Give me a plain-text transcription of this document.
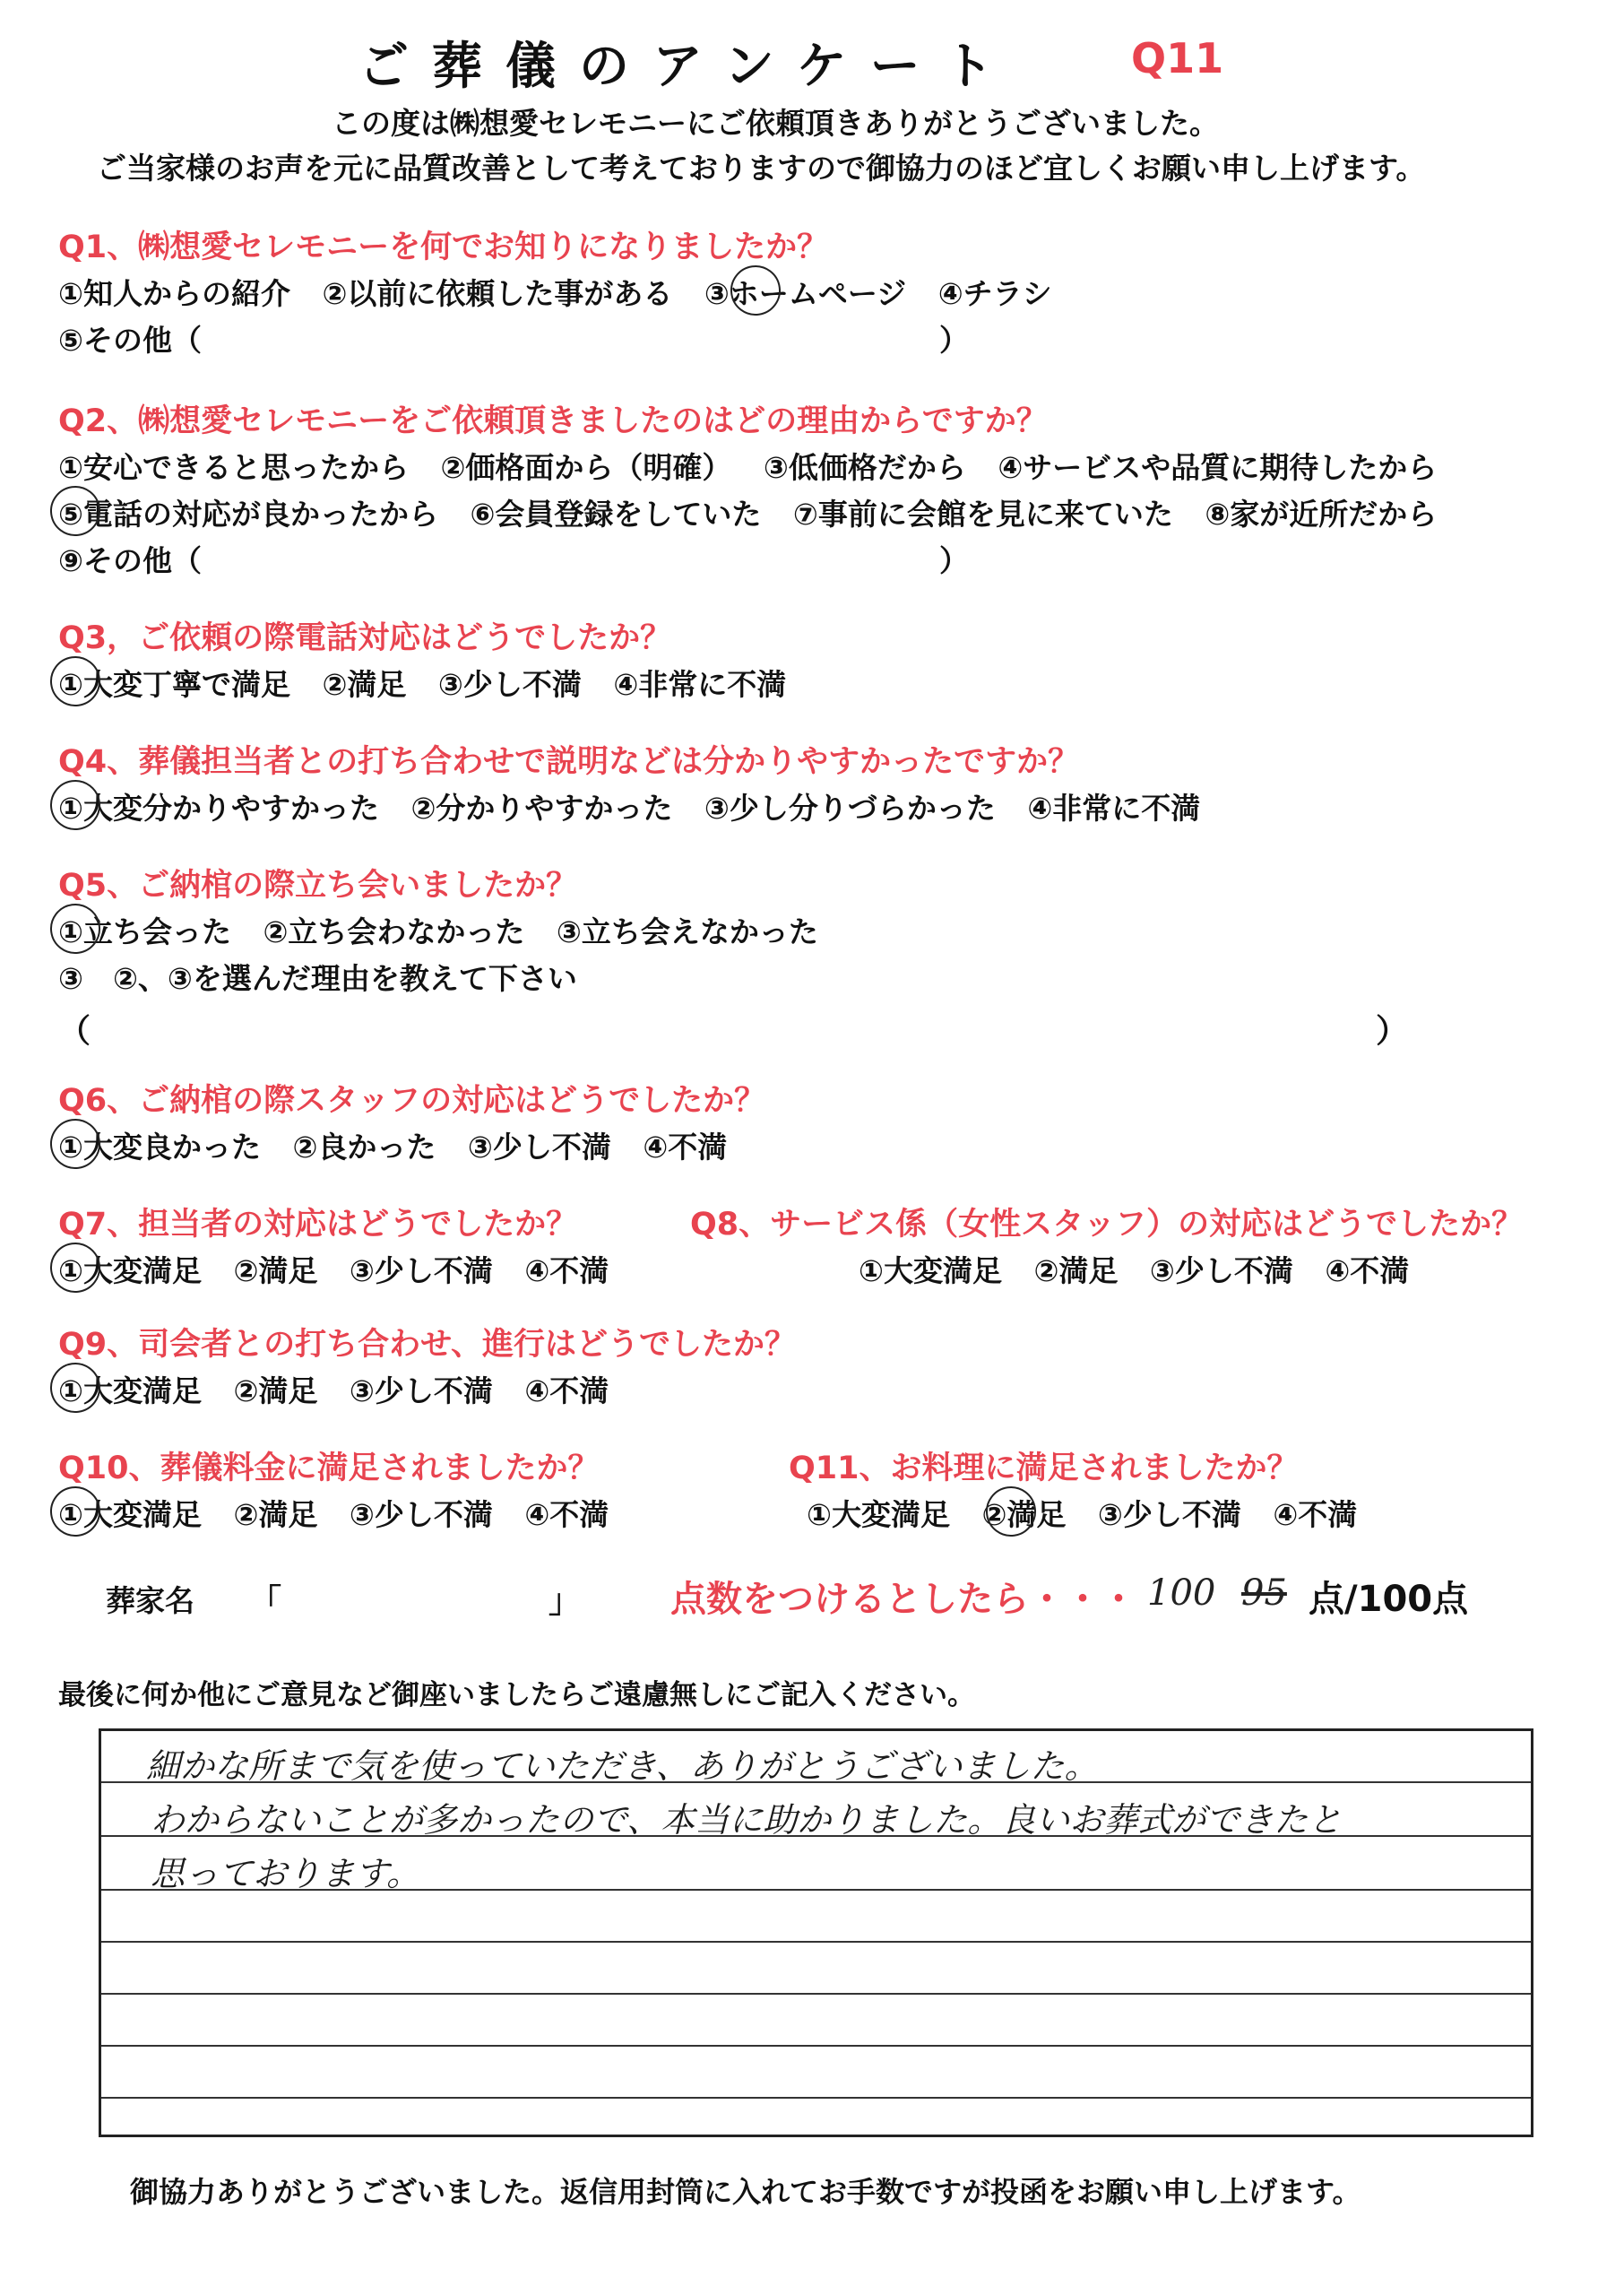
ご葬儀のアンケート	Q11
この度は㈱想愛セレモニーにご依頼頂きありがとうございました。
ご当家様のお声を元に品質改善として考えておりますので御協力のほど宜しくお願い申し上げます。
Q1、㈱想愛セレモニーを何でお知りになりましたか？
①知人からの紹介 ②以前に依頼した事がある ③ホームページ ④チラシ
⑤その他（	）
Q2、㈱想愛セレモニーをご依頼頂きましたのはどの理由からですか？
①安心できると思ったから ②価格面から（明確） ③低価格だから ④サービスや品質に期待したから
⑤電話の対応が良かったから ⑥会員登録をしていた ⑦事前に会館を見に来ていた ⑧家が近所だから
⑨その他（	）
Q3，ご依頼の際電話対応はどうでしたか？
①大変丁寧で満足 ②満足 ③少し不満 ④非常に不満
Q4、葬儀担当者との打ち合わせで説明などは分かりやすかったですか？
①大変分かりやすかった ②分かりやすかった ③少し分りづらかった ④非常に不満
Q5、ご納棺の際立ち会いましたか？
①立ち会った ②立ち会わなかった ③立ち会えなかった
③　②、③を選んだ理由を教えて下さい
（	）
Q6、ご納棺の際スタッフの対応はどうでしたか？
①大変良かった ②良かった ③少し不満 ④不満
Q7、担当者の対応はどうでしたか？	Q8、サービス係（女性スタッフ）の対応はどうでしたか？
①大変満足 ②満足 ③少し不満 ④不満	①大変満足 ②満足 ③少し不満 ④不満
Q9、司会者との打ち合わせ、進行はどうでしたか？
①大変満足 ②満足 ③少し不満 ④不満
Q10、葬儀料金に満足されましたか？	Q11、お料理に満足されましたか？
①大変満足 ②満足 ③少し不満 ④不満	①大変満足 ②満足 ③少し不満 ④不満
葬家名 「	」 点数をつけるとしたら・・・ 100 95 点/100点
最後に何か他にご意見など御座いましたらご遠慮無しにご記入ください。
細かな所まで気を使っていただき、ありがとうございました。
わからないことが多かったので、本当に助かりました。良いお葬式ができたと
思っております。
御協力ありがとうございました。返信用封筒に入れてお手数ですが投函をお願い申し上げます。
